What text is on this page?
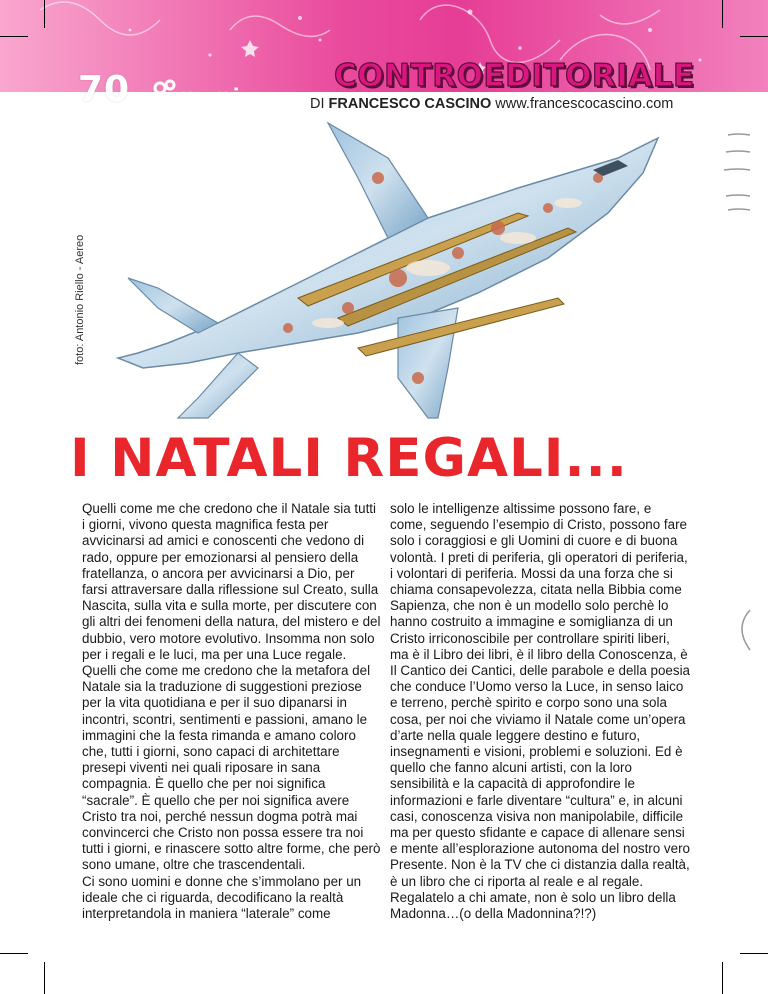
70 mymi
CONTROEDITORIALE
DI FRANCESCO CASCINO www.francescocascino.com
foto: Antonio Riello - Aereo
I NATALI REGALI...

Quelli come me che credono che il Natale sia tutti i giorni, vivono questa magnifica festa per avvicinarsi ad amici e conoscenti che vedono di rado, oppure per emozionarsi al pensiero della fratellanza, o ancora per avvicinarsi a Dio, per farsi attraversare dalla riflessione sul Creato, sulla Nascita, sulla vita e sulla morte, per discutere con gli altri dei fenomeni della natura, del mistero e del dubbio, vero motore evolutivo. Insomma non solo per i regali e le luci, ma per una Luce regale. Quelli che come me credono che la metafora del Natale sia la traduzione di suggestioni preziose per la vita quotidiana e per il suo dipanarsi in incontri, scontri, sentimenti e passioni, amano le immagini che la festa rimanda e amano coloro che, tutti i giorni, sono capaci di architettare presepi viventi nei quali riposare in sana compagnia. È quello che per noi significa “sacrale”. È quello che per noi significa avere Cristo tra noi, perché nessun dogma potrà mai convincerci che Cristo non possa essere tra noi tutti i giorni, e rinascere sotto altre forme, che però sono umane, oltre che trascendentali.

Ci sono uomini e donne che s’immolano per un ideale che ci riguarda, decodificano la realtà interpretandola in maniera “laterale” come

solo le intelligenze altissime possono fare, e come, seguendo l’esempio di Cristo, possono fare solo i coraggiosi e gli Uomini di cuore e di buona volontà. I preti di periferia, gli operatori di periferia, i volontari di periferia. Mossi da una forza che si chiama consapevolezza, citata nella Bibbia come Sapienza, che non è un modello solo perchè lo hanno costruito a immagine e somiglianza di un Cristo irriconoscibile per controllare spiriti liberi, ma è il Libro dei libri, è il libro della Conoscenza, è Il Cantico dei Cantici, delle parabole e della poesia che conduce l’Uomo verso la Luce, in senso laico e terreno, perchè spirito e corpo sono una sola cosa, per noi che viviamo il Natale come un’opera d’arte nella quale leggere destino e futuro, insegnamenti e visioni, problemi e soluzioni. Ed è quello che fanno alcuni artisti, con la loro sensibilità e la capacità di approfondire le informazioni e farle diventare “cultura” e, in alcuni casi, conoscenza visiva non manipolabile, difficile ma per questo sfidante e capace di allenare sensi e mente all’esplorazione autonoma del nostro vero Presente. Non è la TV che ci distanzia dalla realtà, è un libro che ci riporta al reale e al regale. Regalatelo a chi amate, non è solo un libro della Madonna…(o della Madonnina?!?)
